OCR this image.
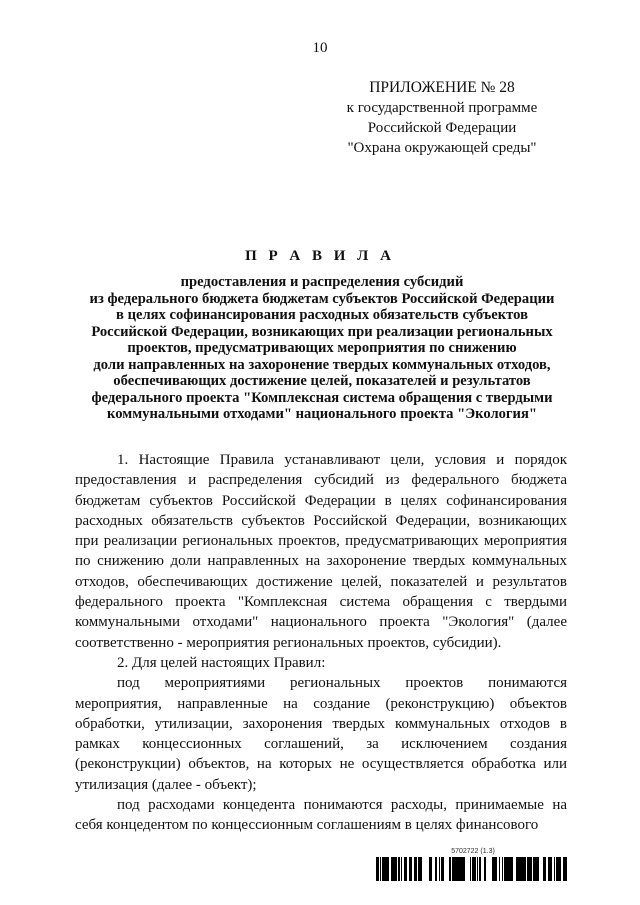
10
ПРИЛОЖЕНИЕ № 28
к государственной программе
Российской Федерации
"Охрана окружающей среды"
П Р А В И Л А
предоставления и распределения субсидий
из федерального бюджета бюджетам субъектов Российской Федерации
в целях софинансирования расходных обязательств субъектов
Российской Федерации, возникающих при реализации региональных
проектов, предусматривающих мероприятия по снижению
доли направленных на захоронение твердых коммунальных отходов,
обеспечивающих достижение целей, показателей и результатов
федерального проекта "Комплексная система обращения с твердыми
коммунальными отходами" национального проекта "Экология"

1. Настоящие Правила устанавливают цели, условия и порядок предоставления и распределения субсидий из федерального бюджета бюджетам субъектов Российской Федерации в целях софинансирования расходных обязательств субъектов Российской Федерации, возникающих при реализации региональных проектов, предусматривающих мероприятия по снижению доли направленных на захоронение твердых коммунальных отходов, обеспечивающих достижение целей, показателей и результатов федерального проекта "Комплексная система обращения с твердыми коммунальными отходами" национального проекта "Экология" (далее соответственно - мероприятия региональных проектов, субсидии).

2. Для целей настоящих Правил:

под мероприятиями региональных проектов понимаются мероприятия, направленные на создание (реконструкцию) объектов обработки, утилизации, захоронения твердых коммунальных отходов в рамках концессионных соглашений, за исключением создания (реконструкции) объектов, на которых не осуществляется обработка или утилизация (далее - объект);

под расходами концедента понимаются расходы, принимаемые на себя концедентом по концессионным соглашениям в целях финансового

5702722 (1.3)
